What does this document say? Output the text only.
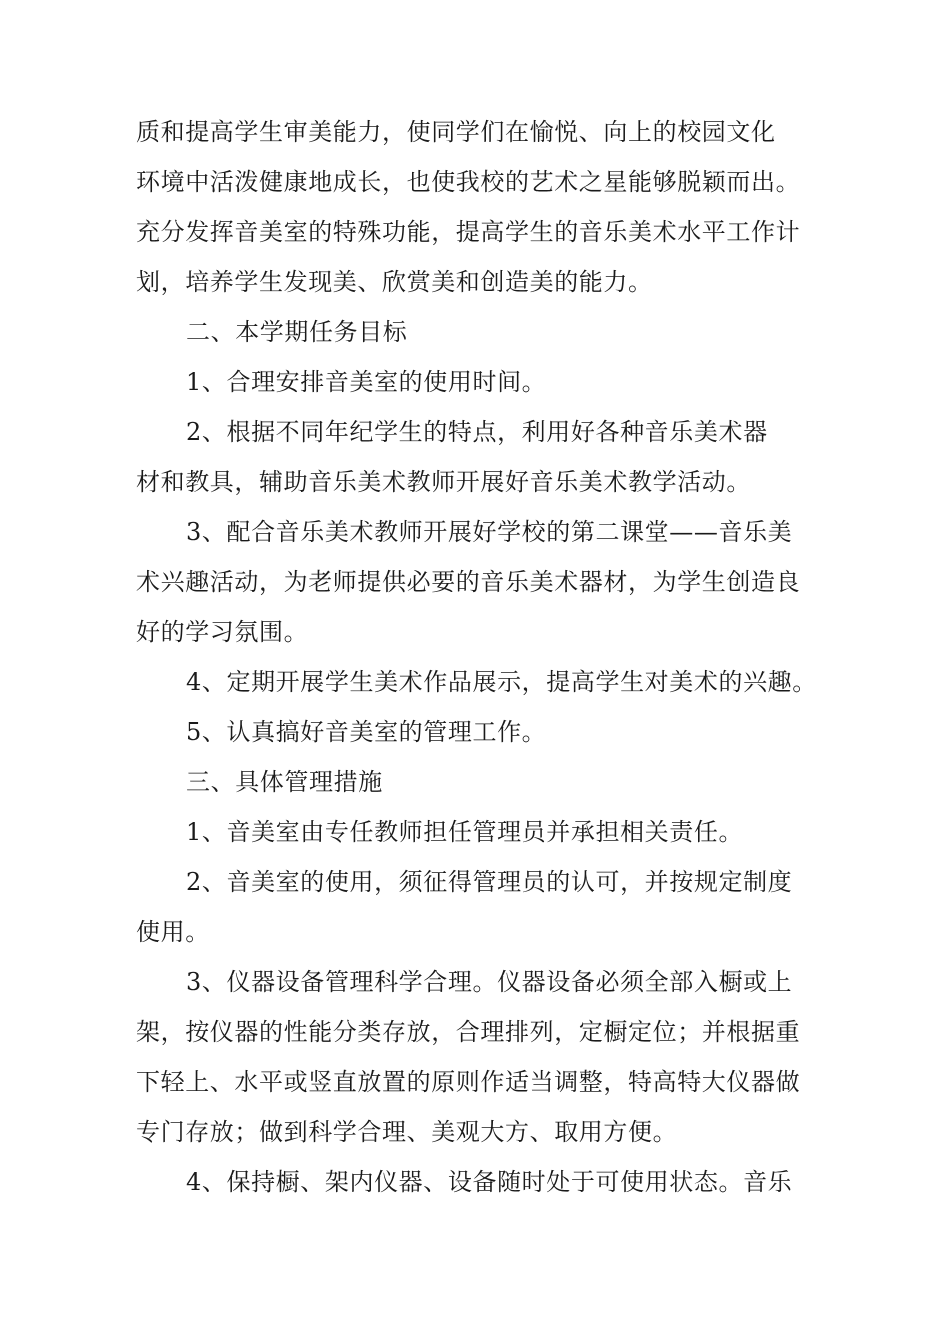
质和提高学生审美能力，使同学们在愉悦、向上的校园文化

环境中活泼健康地成长，也使我校的艺术之星能够脱颖而出。

充分发挥音美室的特殊功能，提高学生的音乐美术水平工作计

划，培养学生发现美、欣赏美和创造美的能力。

二、本学期任务目标

1、合理安排音美室的使用时间。

2、根据不同年纪学生的特点，利用好各种音乐美术器

材和教具，辅助音乐美术教师开展好音乐美术教学活动。

3、配合音乐美术教师开展好学校的第二课堂——音乐美

术兴趣活动，为老师提供必要的音乐美术器材，为学生创造良

好的学习氛围。

4、定期开展学生美术作品展示，提高学生对美术的兴趣。

5、认真搞好音美室的管理工作。

三、具体管理措施

1、音美室由专任教师担任管理员并承担相关责任。

2、音美室的使用，须征得管理员的认可，并按规定制度

使用。

3、仪器设备管理科学合理。仪器设备必须全部入橱或上

架，按仪器的性能分类存放，合理排列，定橱定位；并根据重

下轻上、水平或竖直放置的原则作适当调整，特高特大仪器做

专门存放；做到科学合理、美观大方、取用方便。

4、保持橱、架内仪器、设备随时处于可使用状态。音乐
